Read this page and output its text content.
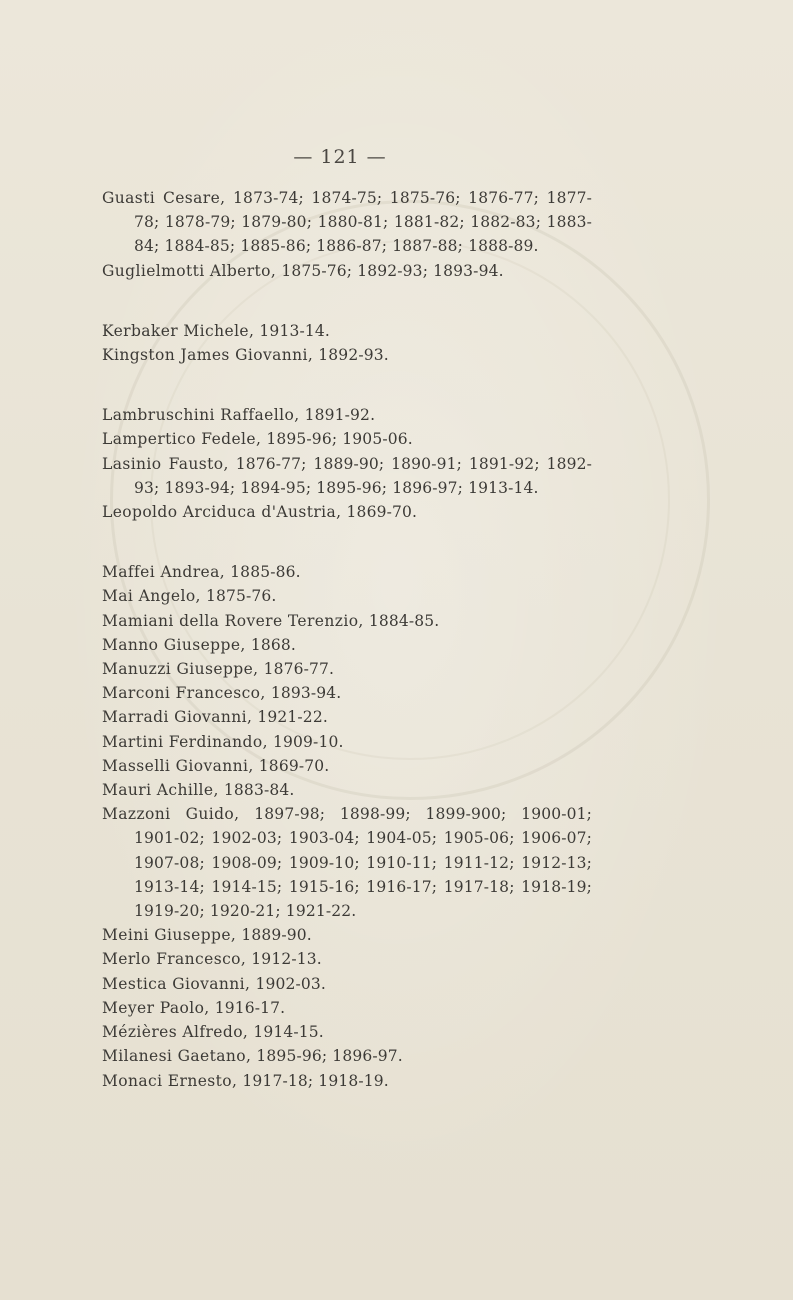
— 121 —

Guasti Cesare, 1873-74; 1874-75; 1875-76; 1876-77; 1877-78; 1878-79; 1879-80; 1880-81; 1881-82; 1882-83; 1883-84; 1884-85; 1885-86; 1886-87; 1887-88; 1888-89.

Guglielmotti Alberto, 1875-76; 1892-93; 1893-94.

Kerbaker Michele, 1913-14.

Kingston James Giovanni, 1892-93.

Lambruschini Raffaello, 1891-92.

Lampertico Fedele, 1895-96; 1905-06.

Lasinio Fausto, 1876-77; 1889-90; 1890-91; 1891-92; 1892-93; 1893-94; 1894-95; 1895-96; 1896-97; 1913-14.

Leopoldo Arciduca d'Austria, 1869-70.

Maffei Andrea, 1885-86.

Mai Angelo, 1875-76.

Mamiani della Rovere Terenzio, 1884-85.

Manno Giuseppe, 1868.

Manuzzi Giuseppe, 1876-77.

Marconi Francesco, 1893-94.

Marradi Giovanni, 1921-22.

Martini Ferdinando, 1909-10.

Masselli Giovanni, 1869-70.

Mauri Achille, 1883-84.

Mazzoni Guido, 1897-98; 1898-99; 1899-900; 1900-01; 1901-02; 1902-03; 1903-04; 1904-05; 1905-06; 1906-07; 1907-08; 1908-09; 1909-10; 1910-11; 1911-12; 1912-13; 1913-14; 1914-15; 1915-16; 1916-17; 1917-18; 1918-19; 1919-20; 1920-21; 1921-22.

Meini Giuseppe, 1889-90.

Merlo Francesco, 1912-13.

Mestica Giovanni, 1902-03.

Meyer Paolo, 1916-17.

Mézières Alfredo, 1914-15.

Milanesi Gaetano, 1895-96; 1896-97.

Monaci Ernesto, 1917-18; 1918-19.
